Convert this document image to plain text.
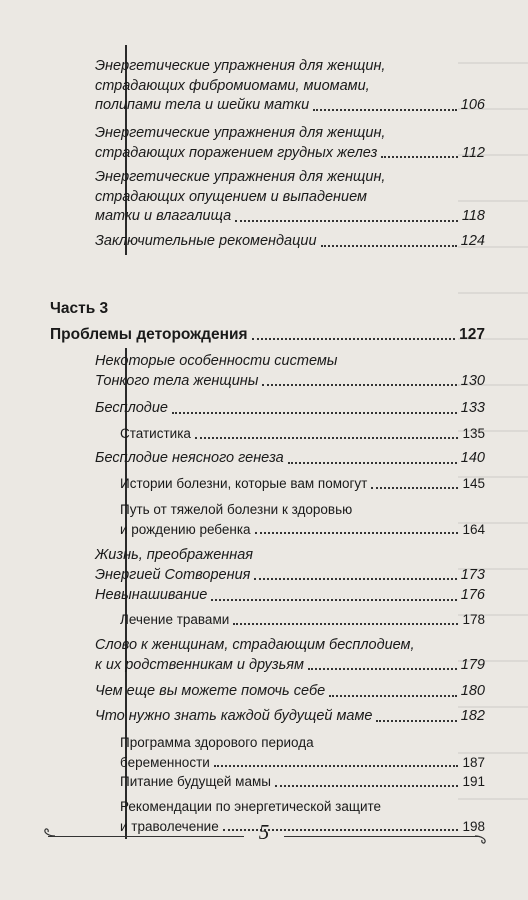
Энергетические упражнения для женщин,
страдающих фибромиомами, миомами,
полипами тела и шейки матки	106
Энергетические упражнения для женщин,
страдающих поражением грудных желез	112
Энергетические упражнения для женщин,
страдающих опущением и выпадением
матки и влагалища	118
Заключительные рекомендации	124
Часть 3
Проблемы деторождения	127
Некоторые особенности системы
Тонкого тела женщины	130
Бесплодие	133
Статистика	135
Бесплодие неясного генеза	140
Истории болезни, которые вам помогут	145
Путь от тяжелой болезни к здоровью
и рождению ребенка	164
Жизнь, преображенная
Энергией Сотворения	173
Невынашивание	176
Лечение травами	178
Слово к женщинам, страдающим бесплодием,
к их родственникам и друзьям	179
Чем еще вы можете помочь себе	180
Что нужно знать каждой будущей маме	182
Программа здорового периода
беременности	187
Питание будущей мамы	191
Рекомендации по энергетической защите
и траволечение	198
5
